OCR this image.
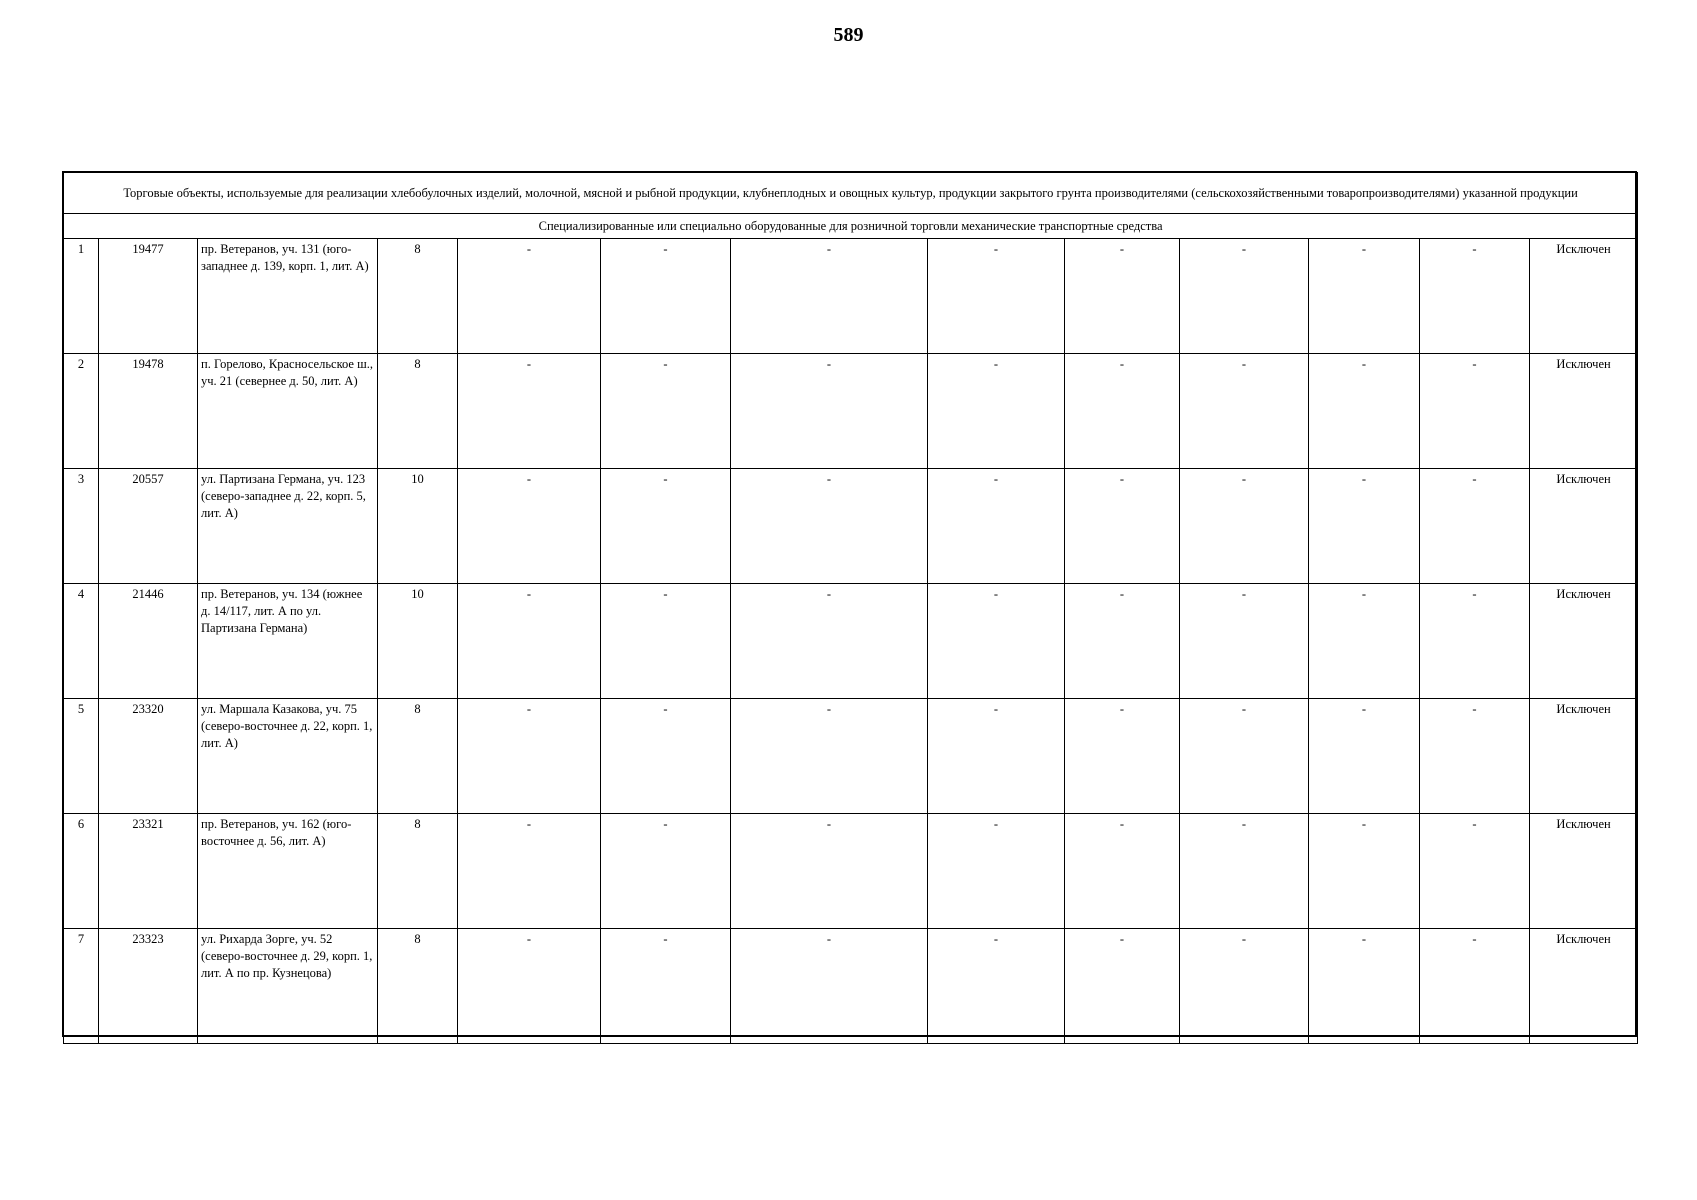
589
Торговые объекты, используемые для реализации хлебобулочных изделий, молочной, мясной и рыбной продукции, клубнеплодных и овощных культур, продукции закрытого грунта производителями (сельскохозяйственными товаропроизводителями) указанной продукции												
Специализированные или специально оборудованные для розничной торговли механические транспортные средства												
1	19477	пр. Ветеранов, уч. 131 (юго-западнее д. 139, корп. 1, лит. А)	8	-	-	-	-	-	-	-	-	Исключен
2	19478	п. Горелово, Красносельское ш., уч. 21 (севернее д. 50, лит. А)	8	-	-	-	-	-	-	-	-	Исключен
3	20557	ул. Партизана Германа, уч. 123 (северо-западнее д. 22, корп. 5, лит. А)	10	-	-	-	-	-	-	-	-	Исключен
4	21446	пр. Ветеранов, уч. 134 (южнее д. 14/117, лит. А по ул. Партизана Германа)	10	-	-	-	-	-	-	-	-	Исключен
5	23320	ул. Маршала Казакова, уч. 75 (северо-восточнее д. 22, корп. 1, лит. А)	8	-	-	-	-	-	-	-	-	Исключен
6	23321	пр. Ветеранов, уч. 162 (юго-восточнее д. 56, лит. А)	8	-	-	-	-	-	-	-	-	Исключен
7	23323	ул. Рихарда Зорге, уч. 52 (северо-восточнее д. 29, корп. 1, лит. А по пр. Кузнецова)	8	-	-	-	-	-	-	-	-	Исключен
